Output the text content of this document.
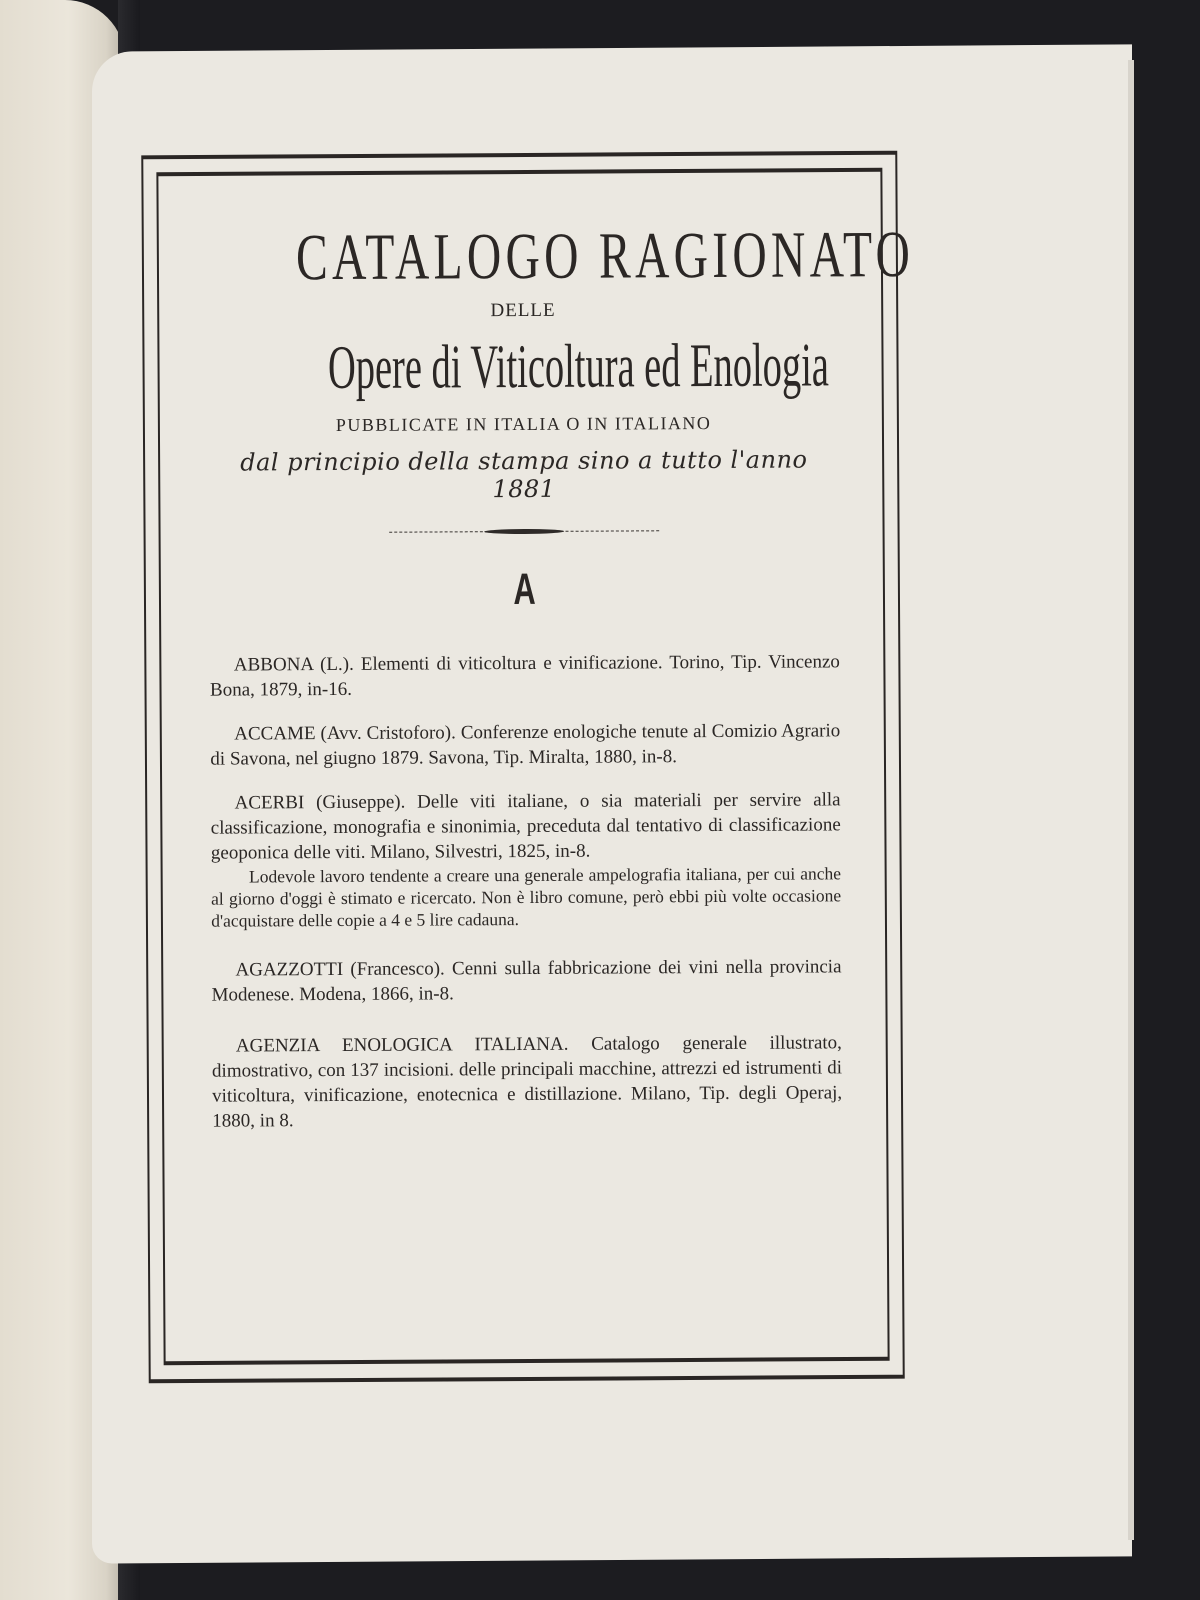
CATALOGO RAGIONATO
DELLE
Opere di Viticoltura ed Enologia
PUBBLICATE IN ITALIA O IN ITALIANO
dal principio della stampa sino a tutto l'anno 1881
A

ABBONA (L.). Elementi di viticoltura e vinificazione. Torino, Tip. Vincenzo Bona, 1879, in-16.

ACCAME (Avv. Cristoforo). Conferenze enologiche tenute al Comizio Agrario di Savona, nel giugno 1879. Savona, Tip. Miralta, 1880, in-8.

ACERBI (Giuseppe). Delle viti italiane, o sia materiali per servire alla classificazione, monografia e sinonimia, preceduta dal tentativo di classificazione geoponica delle viti. Milano, Silvestri, 1825, in-8.

Lodevole lavoro tendente a creare una generale ampelografia italiana, per cui anche al giorno d'oggi è stimato e ricercato. Non è libro comune, però ebbi più volte occasione d'acquistare delle copie a 4 e 5 lire cadauna.

AGAZZOTTI (Francesco). Cenni sulla fabbricazione dei vini nella provincia Modenese. Modena, 1866, in-8.

AGENZIA ENOLOGICA ITALIANA. Catalogo generale illustrato, dimostrativo, con 137 incisioni. delle principali macchine, attrezzi ed istrumenti di viticoltura, vinificazione, enotecnica e distillazione. Milano, Tip. degli Operaj, 1880, in 8.
